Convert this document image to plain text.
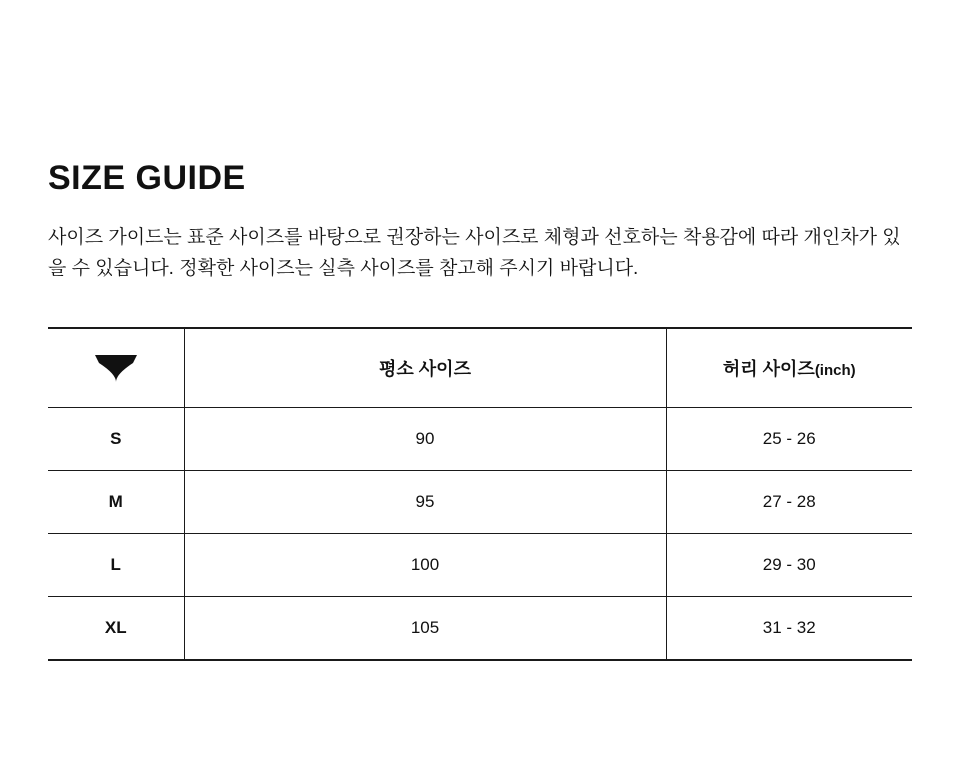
SIZE GUIDE

사이즈 가이드는 표준 사이즈를 바탕으로 권장하는 사이즈로 체형과 선호하는 착용감에 따라 개인차가 있을 수 있습니다. 정확한 사이즈는 실측 사이즈를 참고해 주시기 바랍니다.

	평소 사이즈	허리 사이즈(inch)
S	90	25 - 26
M	95	27 - 28
L	100	29 - 30
XL	105	31 - 32
